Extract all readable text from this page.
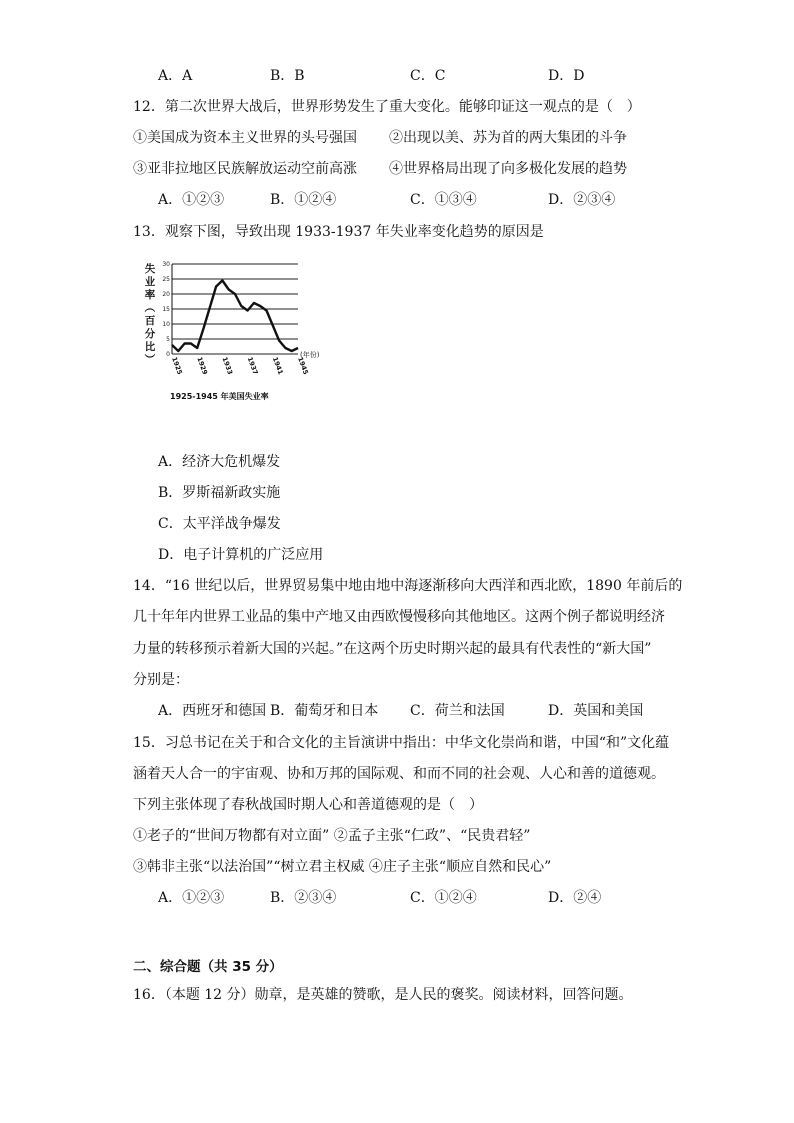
A．A	B．B	C．C	D．D
12．第二次世界大战后，世界形势发生了重大变化。能够印证这一观点的是（　）
①美国成为资本主义世界的头号强国 ②出现以美、苏为首的两大集团的斗争
③亚非拉地区民族解放运动空前高涨 ④世界格局出现了向多极化发展的趋势
A．①②③	B．①②④	C．①③④	D．②③④
13．观察下图，导致出现 1933-1937 年失业率变化趋势的原因是
0
5
10
15
20
25
30
失
业
率
（
百
分
比
） 1925 1929 1933 1937 1941 1945
(年份)
1925-1945 年美国失业率
A．经济大危机爆发
B．罗斯福新政实施
C．太平洋战争爆发
D．电子计算机的广泛应用
14．“16 世纪以后，世界贸易集中地由地中海逐渐移向大西洋和西北欧，1890 年前后的
几十年年内世界工业品的集中产地又由西欧慢慢移向其他地区。这两个例子都说明经济
力量的转移预示着新大国的兴起。”在这两个历史时期兴起的最具有代表性的“新大国”
分别是：
A．西班牙和德国 B．葡萄牙和日本 C．荷兰和法国	D．英国和美国
15．习总书记在关于和合文化的主旨演讲中指出：中华文化崇尚和谐，中国“和”文化蕴
涵着天人合一的宇宙观、协和万邦的国际观、和而不同的社会观、人心和善的道德观。
下列主张体现了春秋战国时期人心和善道德观的是（　）
①老子的“世间万物都有对立面” ②孟子主张“仁政”、“民贵君轻”
③韩非主张“以法治国”“树立君主权威 ④庄子主张“顺应自然和民心”
A．①②③	B．②③④	C．①②④	D．②④
二、综合题（共 35 分）
16．（本题 12 分）勋章，是英雄的赞歌，是人民的褒奖。阅读材料，回答问题。
